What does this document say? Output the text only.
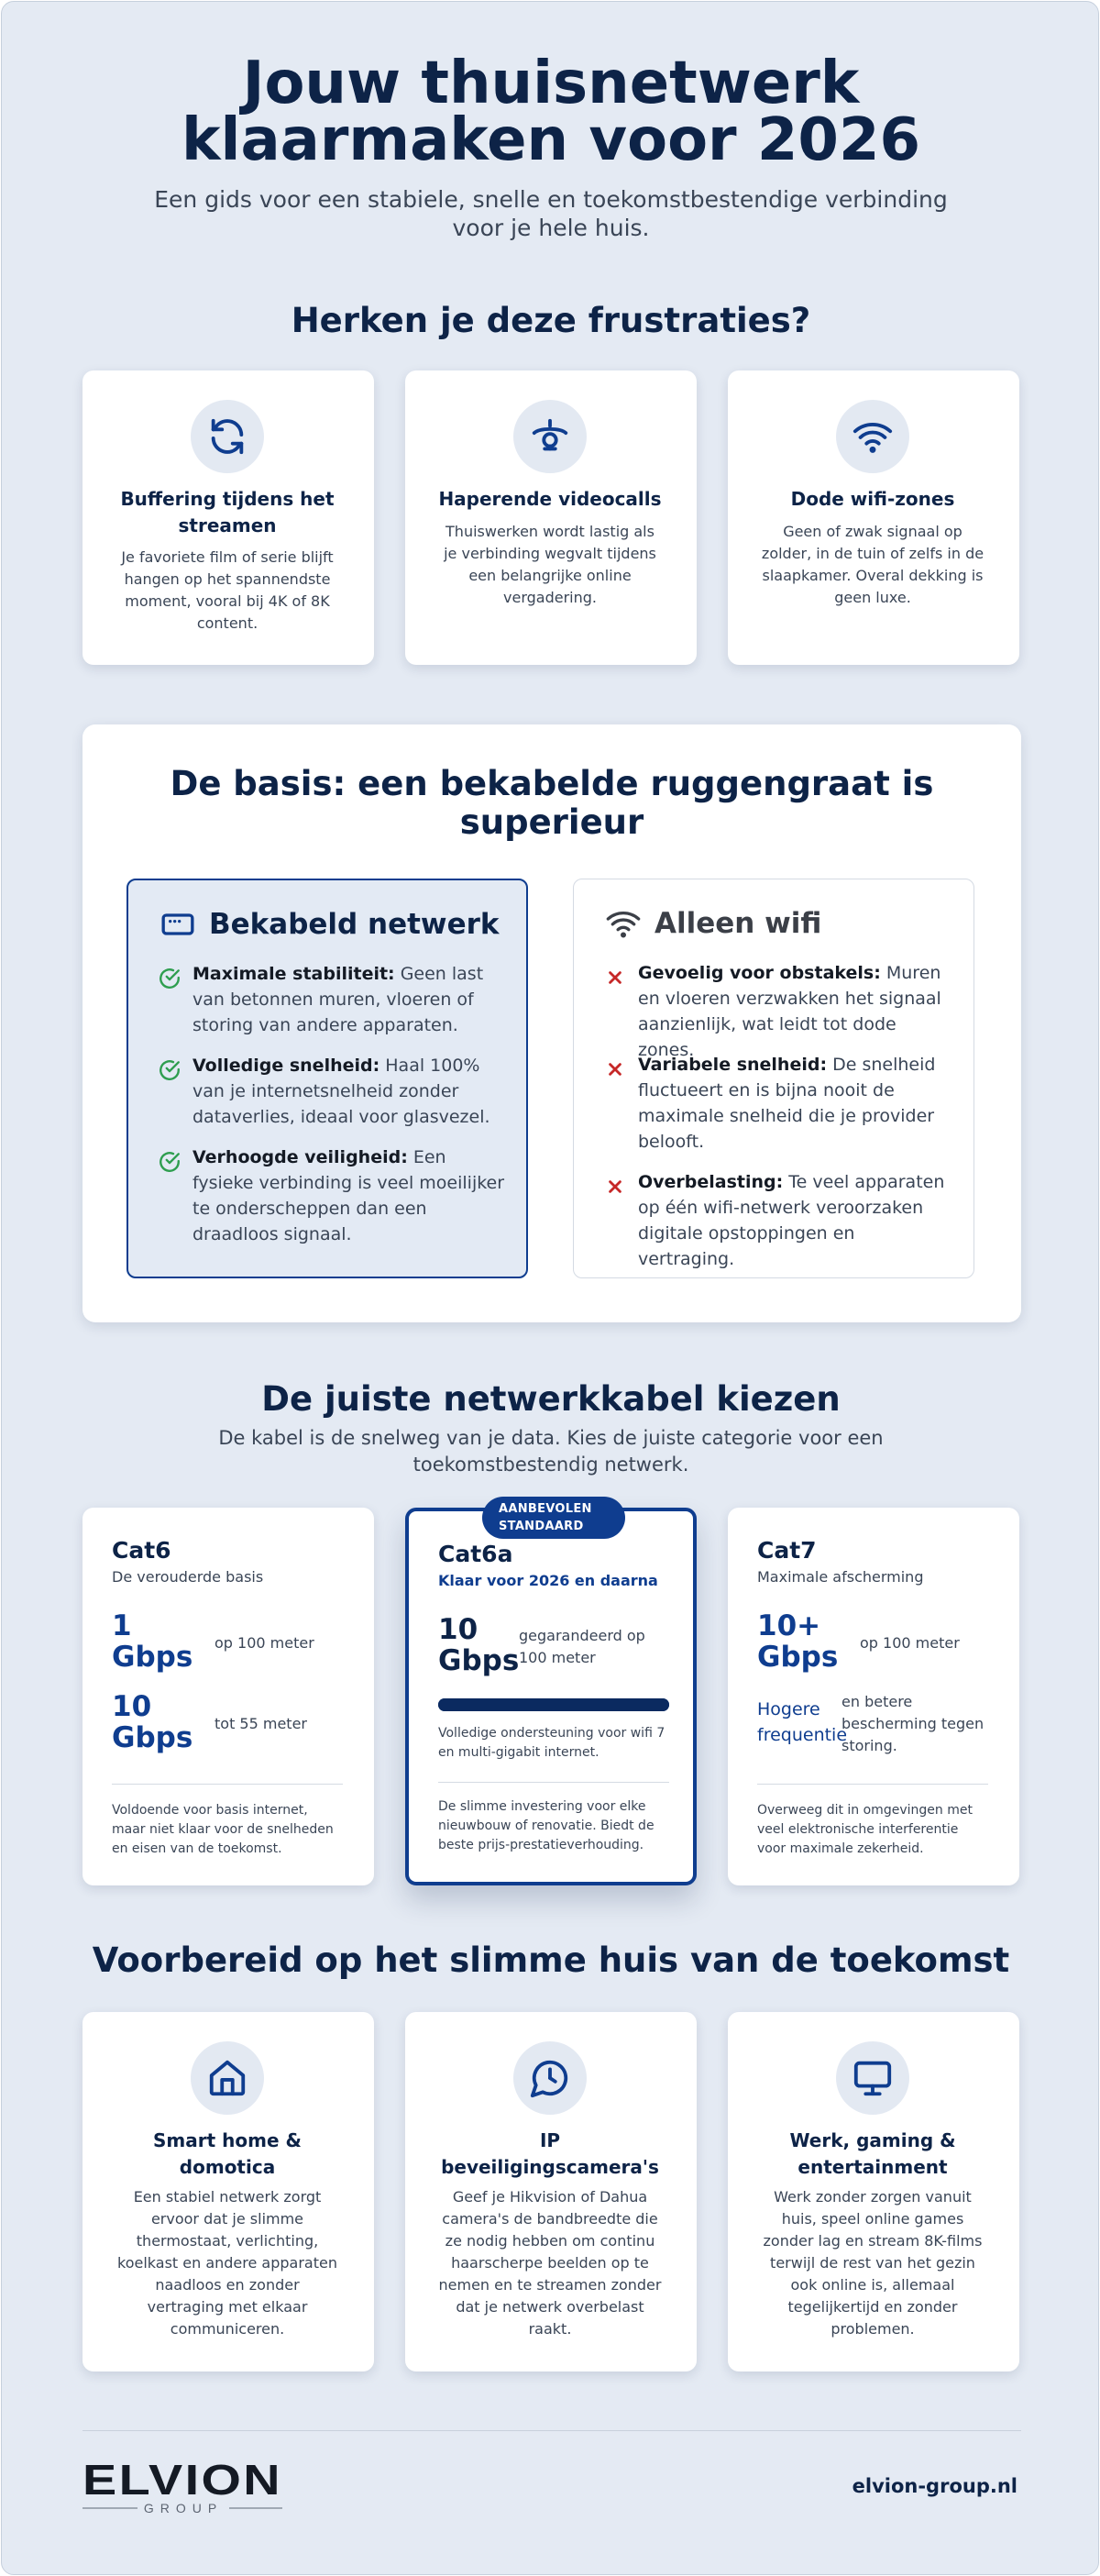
Jouw thuisnetwerk
klaarmaken voor 2026
Een gids voor een stabiele, snelle en toekomstbestendige verbinding voor je hele huis.
Herken je deze frustraties?
Buffering tijdens het streamen
Je favoriete film of serie blijft hangen op het spannendste moment, vooral bij 4K of 8K content.
Haperende videocalls
Thuiswerken wordt lastig als je verbinding wegvalt tijdens een belangrijke online vergadering.
Dode wifi-zones
Geen of zwak signaal op zolder, in de tuin of zelfs in de slaapkamer. Overal dekking is geen luxe.
De basis: een bekabelde ruggengraat is superieur
Bekabeld netwerk
Maximale stabiliteit: Geen last van betonnen muren, vloeren of storing van andere apparaten.
Volledige snelheid: Haal 100% van je internetsnelheid zonder dataverlies, ideaal voor glasvezel.
Verhoogde veiligheid: Een fysieke verbinding is veel moeilijker te onderscheppen dan een draadloos signaal.
Alleen wifi
Gevoelig voor obstakels: Muren en vloeren verzwakken het signaal aanzienlijk, wat leidt tot dode zones.
Variabele snelheid: De snelheid fluctueert en is bijna nooit de maximale snelheid die je provider belooft.
Overbelasting: Te veel apparaten op één wifi-netwerk veroorzaken digitale opstoppingen en vertraging.
De juiste netwerkkabel kiezen
De kabel is de snelweg van je data. Kies de juiste categorie voor een toekomstbestendig netwerk.
Cat6
De verouderde basis
1 Gbps	op 100 meter
10 Gbps	tot 55 meter
Voldoende voor basis internet, maar niet klaar voor de snelheden en eisen van de toekomst.
AANBEVOLEN STANDAARD
Cat6a
Klaar voor 2026 en daarna
10 Gbps
gegarandeerd op 100 meter
Volledige ondersteuning voor wifi 7 en multi-gigabit internet.
De slimme investering voor elke nieuwbouw of renovatie. Biedt de beste prijs-prestatieverhouding.
Cat7
Maximale afscherming
10+ Gbps	op 100 meter
Hogere frequentie
en betere bescherming tegen storing.
Overweeg dit in omgevingen met veel elektronische interferentie voor maximale zekerheid.
Voorbereid op het slimme huis van de toekomst
Smart home & domotica
Een stabiel netwerk zorgt ervoor dat je slimme thermostaat, verlichting, koelkast en andere apparaten naadloos en zonder vertraging met elkaar communiceren.
IP beveiligingscamera's
Geef je Hikvision of Dahua camera's de bandbreedte die ze nodig hebben om continu haarscherpe beelden op te nemen en te streamen zonder dat je netwerk overbelast raakt.
Werk, gaming & entertainment
Werk zonder zorgen vanuit huis, speel online games zonder lag en stream 8K-films terwijl de rest van het gezin ook online is, allemaal tegelijkertijd en zonder problemen.
ELVION
GROUP
elvion-group.nl
